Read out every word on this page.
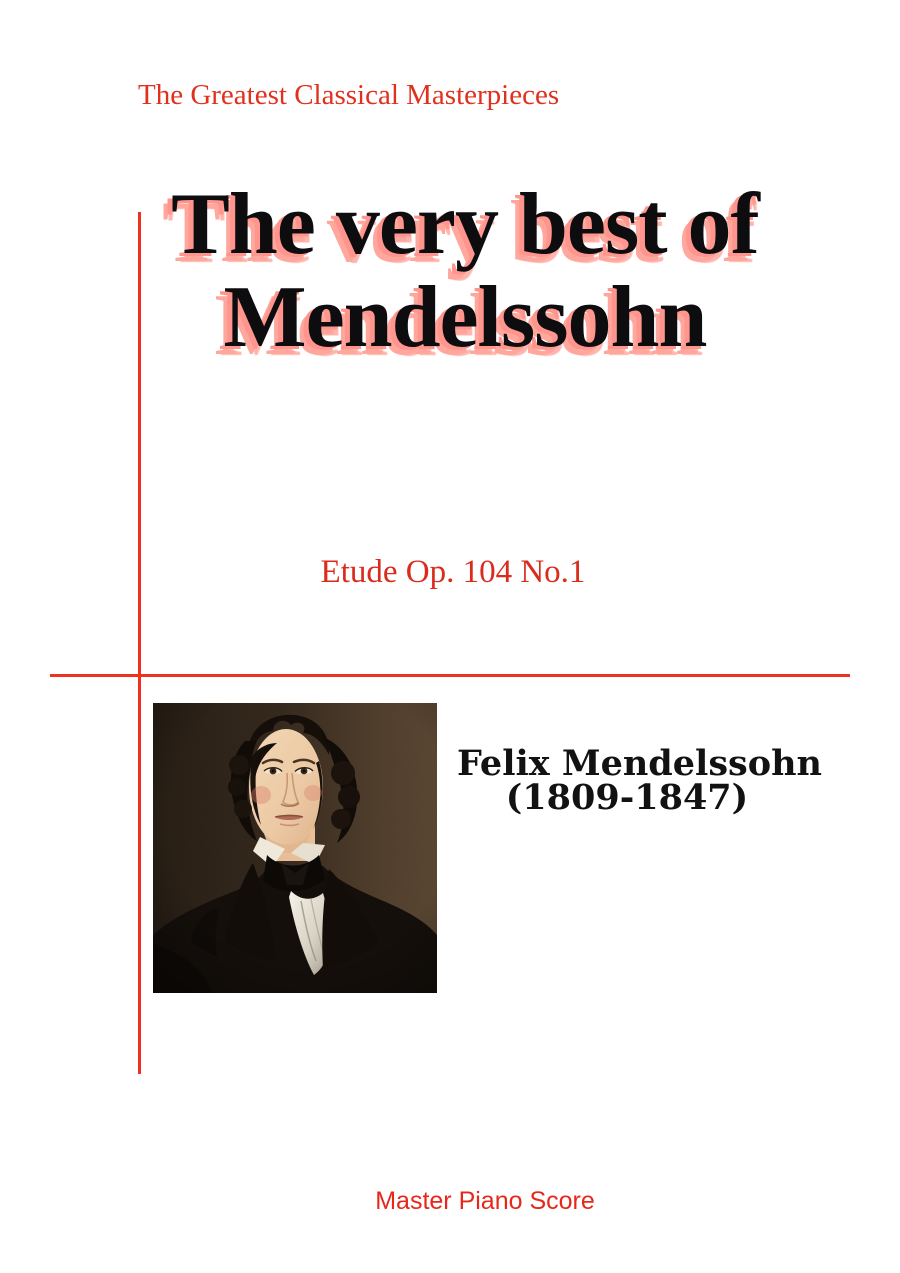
The Greatest Classical Masterpieces
The very best of
Mendelssohn
Etude Op. 104 No.1
Felix Mendelssohn
(1809-1847)
Master Piano Score
